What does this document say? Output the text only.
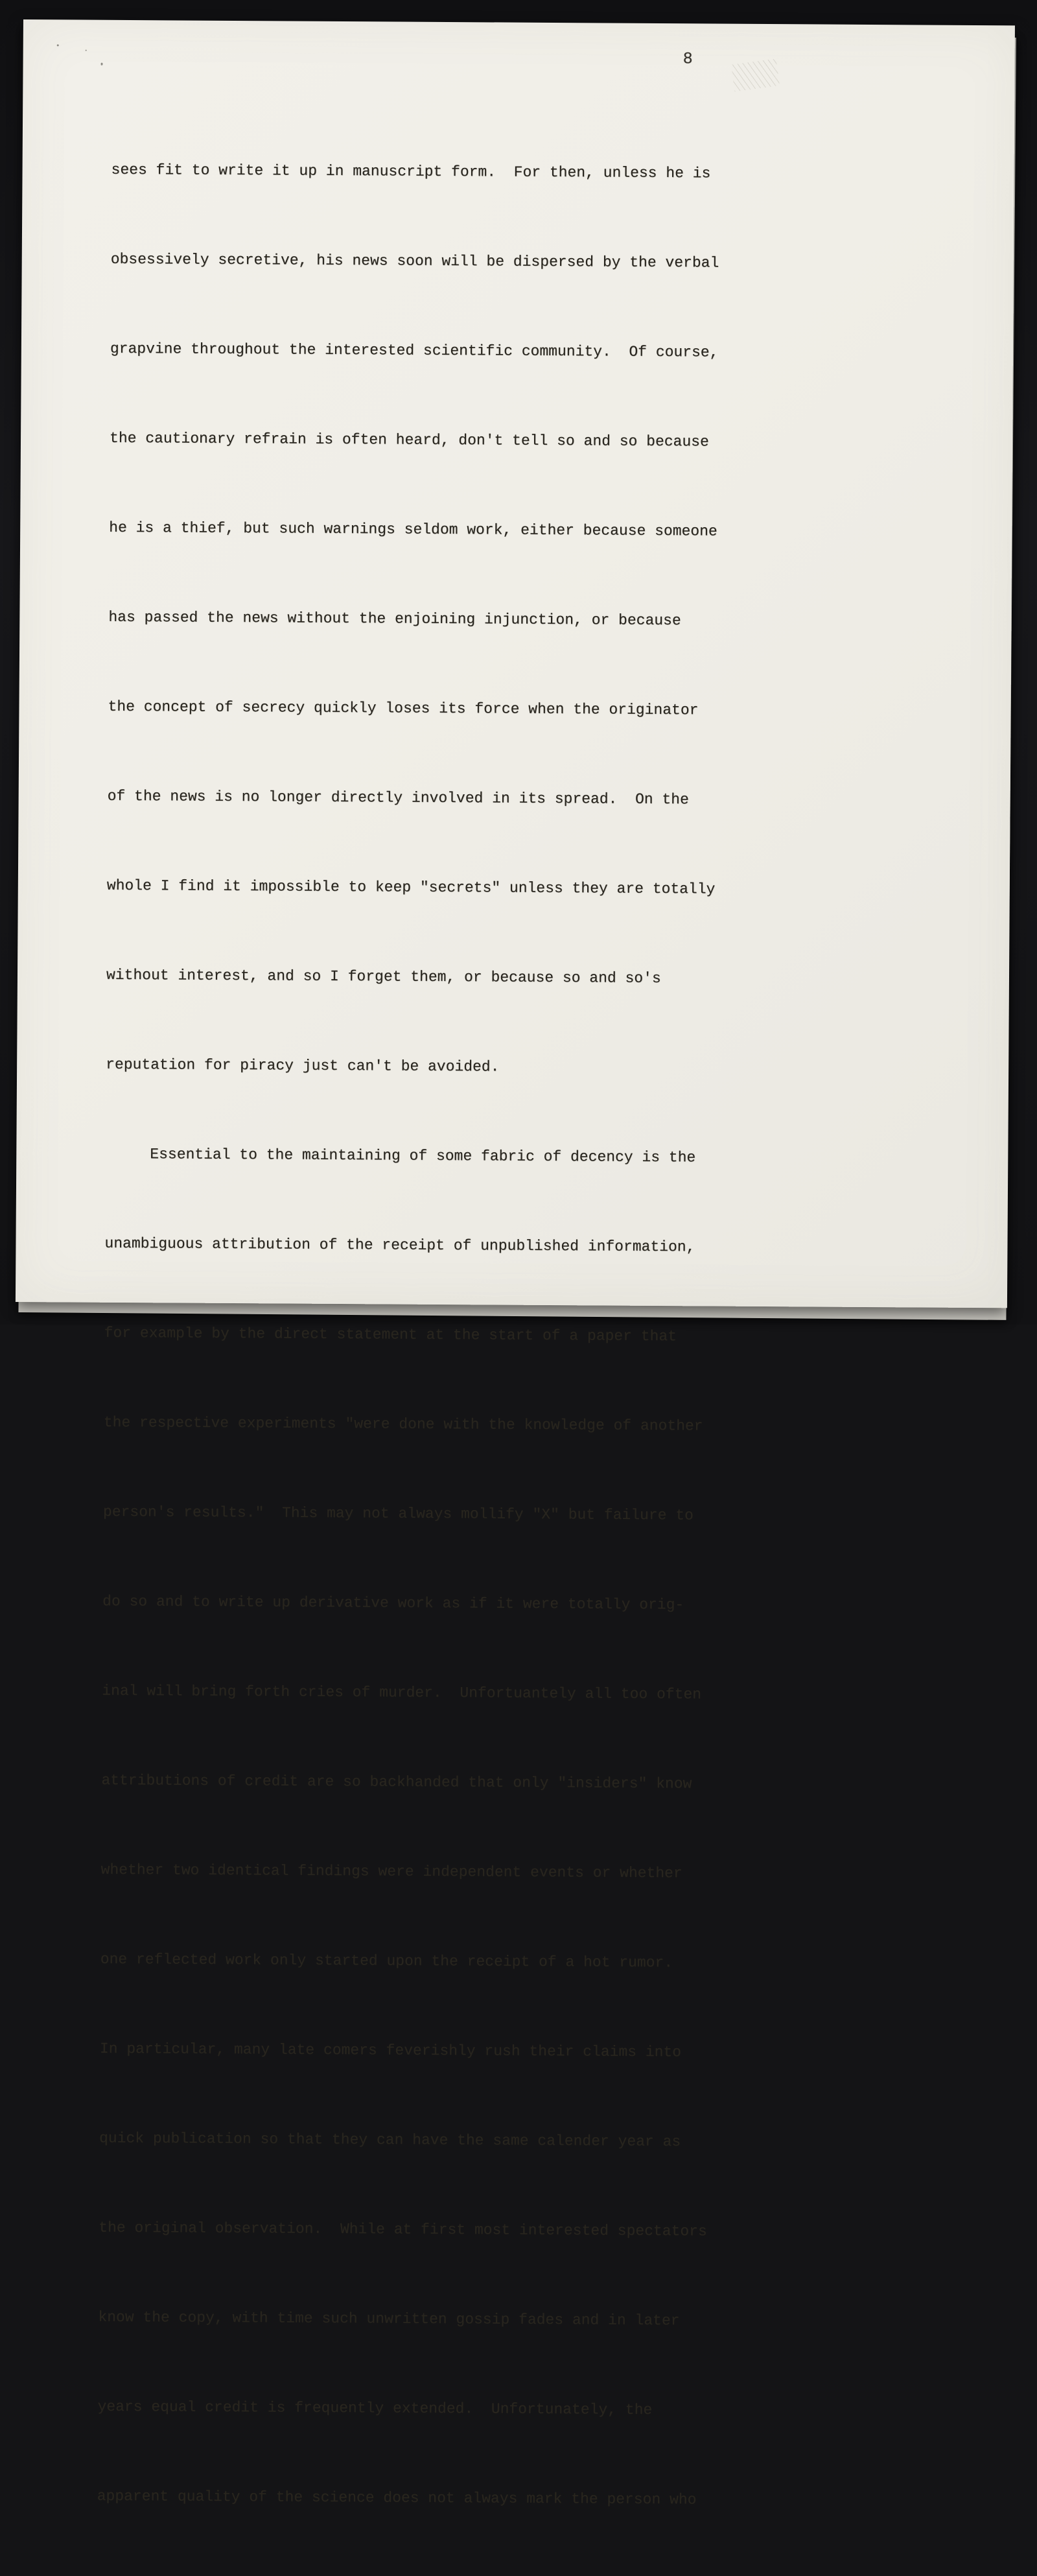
8

sees fit to write it up in manuscript form.  For then, unless he is

obsessively secretive, his news soon will be dispersed by the verbal

grapvine throughout the interested scientific community.  Of course,

the cautionary refrain is often heard, don't tell so and so because

he is a thief, but such warnings seldom work, either because someone

has passed the news without the enjoining injunction, or because

the concept of secrecy quickly loses its force when the originator

of the news is no longer directly involved in its spread.  On the

whole I find it impossible to keep "secrets" unless they are totally

without interest, and so I forget them, or because so and so's

reputation for piracy just can't be avoided.

Essential to the maintaining of some fabric of decency is the

unambiguous attribution of the receipt of unpublished information,

for example by the direct statement at the start of a paper that

the respective experiments "were done with the knowledge of another

person's results."  This may not always mollify "X" but failure to

do so and to write up derivative work as if it were totally orig-

inal will bring forth cries of murder.  Unfortuantely all too often

attributions of credit are so backhanded that only "insiders" know

whether two identical findings were independent events or whether

one reflected work only started upon the receipt of a hot rumor.

In particular, many late comers feverishly rush their claims into

quick publication so that they can have the same calender year as

the original observation.  While at first most interested spectators

know the copy, with time such unwritten gossip fades and in later

years equal credit is frequently extended.  Unfortunately, the

apparent quality of the science does not always mark the person who
